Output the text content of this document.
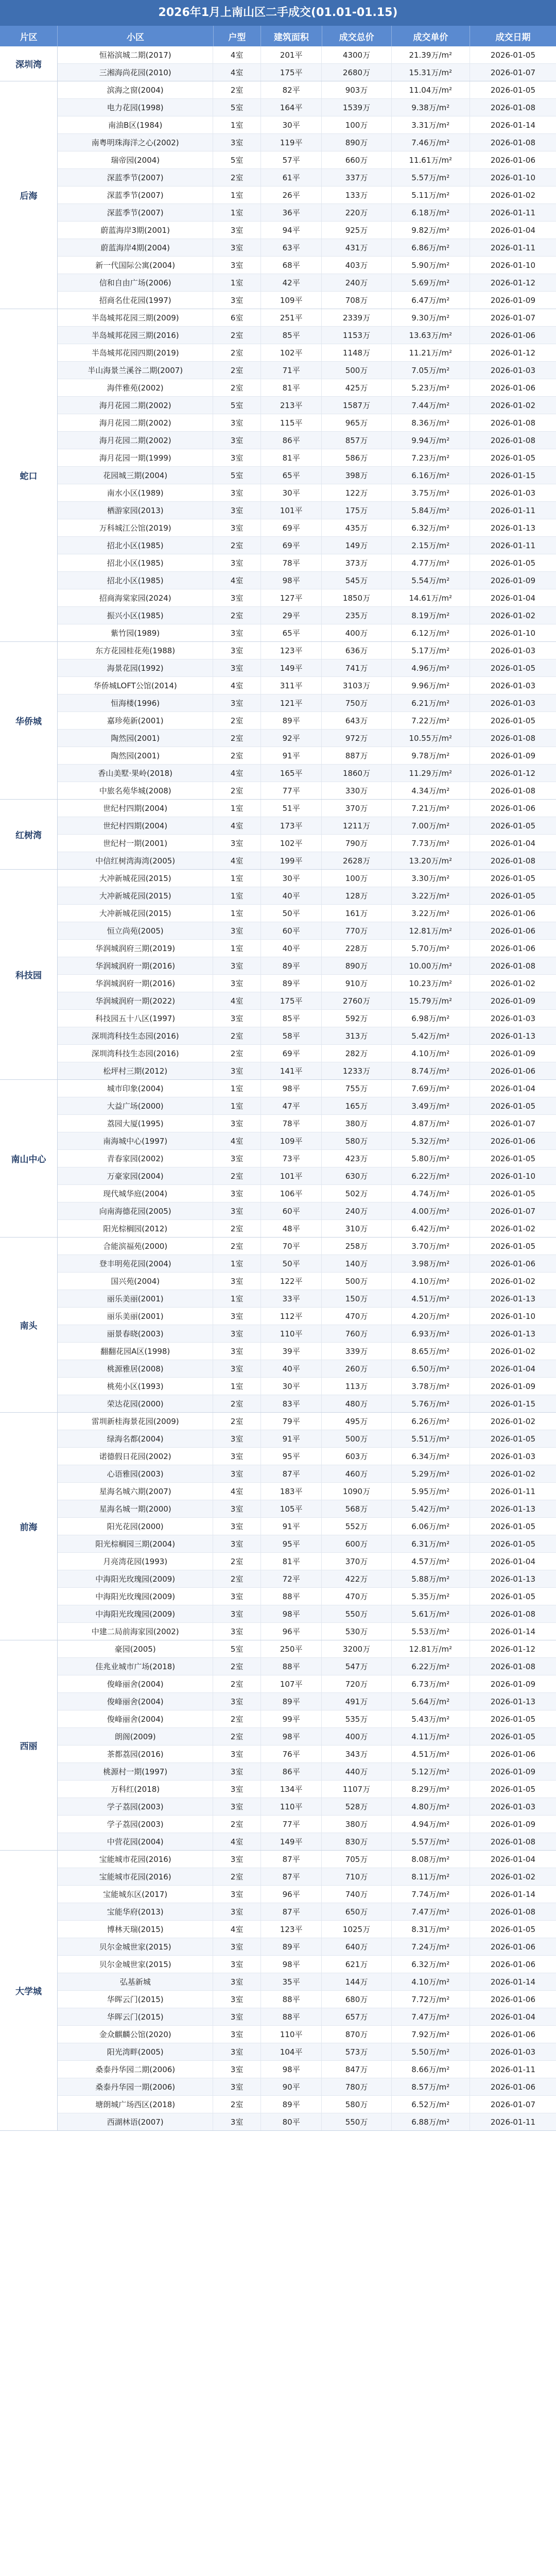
2026年1月上南山区二手成交(01.01-01.15)
片区	小区	户型	建筑面积	成交总价	成交单价	成交日期
深圳湾
恒裕滨城二期(2017)	4室	201平	4300万	21.39万/m²	2026-01-05
三湘海尚花园(2010)	4室	175平	2680万	15.31万/m²	2026-01-07
后海
滨海之窗(2004)	2室	82平	903万	11.04万/m²	2026-01-05
电力花园(1998)	5室	164平	1539万	9.38万/m²	2026-01-08
南油B区(1984)	1室	30平	100万	3.31万/m²	2026-01-14
南粤明珠海洋之心(2002)	3室	119平	890万	7.46万/m²	2026-01-08
瑞帝园(2004)	5室	57平	660万	11.61万/m²	2026-01-06
深蓝季节(2007)	2室	61平	337万	5.57万/m²	2026-01-10
深蓝季节(2007)	1室	26平	133万	5.11万/m²	2026-01-02
深蓝季节(2007)	1室	36平	220万	6.18万/m²	2026-01-11
蔚蓝海岸3期(2001)	3室	94平	925万	9.82万/m²	2026-01-04
蔚蓝海岸4期(2004)	3室	63平	431万	6.86万/m²	2026-01-11
新一代国际公寓(2004)	3室	68平	403万	5.90万/m²	2026-01-10
信和自由广场(2006)	1室	42平	240万	5.69万/m²	2026-01-12
招商名仕花园(1997)	3室	109平	708万	6.47万/m²	2026-01-09
蛇口
半岛城邦花园三期(2009)	6室	251平	2339万	9.30万/m²	2026-01-07
半岛城邦花园三期(2016)	2室	85平	1153万	13.63万/m²	2026-01-06
半岛城邦花园四期(2019)	2室	102平	1148万	11.21万/m²	2026-01-12
半山海景兰溪谷二期(2007)	2室	71平	500万	7.05万/m²	2026-01-03
海伴雅苑(2002)	2室	81平	425万	5.23万/m²	2026-01-06
海月花园二期(2002)	5室	213平	1587万	7.44万/m²	2026-01-02
海月花园二期(2002)	3室	115平	965万	8.36万/m²	2026-01-08
海月花园二期(2002)	3室	86平	857万	9.94万/m²	2026-01-08
海月花园一期(1999)	3室	81平	586万	7.23万/m²	2026-01-05
花园城三期(2004)	5室	65平	398万	6.16万/m²	2026-01-15
南水小区(1989)	3室	30平	122万	3.75万/m²	2026-01-03
栖游家园(2013)	3室	101平	175万	5.84万/m²	2026-01-11
万科城江公馆(2019)	3室	69平	435万	6.32万/m²	2026-01-13
招北小区(1985)	2室	69平	149万	2.15万/m²	2026-01-11
招北小区(1985)	3室	78平	373万	4.77万/m²	2026-01-05
招北小区(1985)	4室	98平	545万	5.54万/m²	2026-01-09
招商海棠家园(2024)	3室	127平	1850万	14.61万/m²	2026-01-04
振兴小区(1985)	2室	29平	235万	8.19万/m²	2026-01-02
紫竹园(1989)	3室	65平	400万	6.12万/m²	2026-01-10
华侨城
东方花园桂花苑(1988)	3室	123平	636万	5.17万/m²	2026-01-03
海景花园(1992)	3室	149平	741万	4.96万/m²	2026-01-05
华侨城LOFT公馆(2014)	4室	311平	3103万	9.96万/m²	2026-01-03
恒海楼(1996)	3室	121平	750万	6.21万/m²	2026-01-03
嘉珍苑新(2001)	2室	89平	643万	7.22万/m²	2026-01-05
陶然园(2001)	2室	92平	972万	10.55万/m²	2026-01-08
陶然园(2001)	2室	91平	887万	9.78万/m²	2026-01-09
香山美墅·果岭(2018)	4室	165平	1860万	11.29万/m²	2026-01-12
中旅名苑华城(2008)	2室	77平	330万	4.34万/m²	2026-01-08
红树湾
世纪村四期(2004)	1室	51平	370万	7.21万/m²	2026-01-06
世纪村四期(2004)	4室	173平	1211万	7.00万/m²	2026-01-05
世纪村一期(2001)	3室	102平	790万	7.73万/m²	2026-01-04
中信红树湾海湾(2005)	4室	199平	2628万	13.20万/m²	2026-01-08
科技园
大冲新城花园(2015)	1室	30平	100万	3.30万/m²	2026-01-05
大冲新城花园(2015)	1室	40平	128万	3.22万/m²	2026-01-05
大冲新城花园(2015)	1室	50平	161万	3.22万/m²	2026-01-06
恒立尚苑(2005)	3室	60平	770万	12.81万/m²	2026-01-06
华润城润府三期(2019)	1室	40平	228万	5.70万/m²	2026-01-06
华润城润府一期(2016)	3室	89平	890万	10.00万/m²	2026-01-08
华润城润府一期(2016)	3室	89平	910万	10.23万/m²	2026-01-02
华润城润府一期(2022)	4室	175平	2760万	15.79万/m²	2026-01-09
科技园五十八区(1997)	3室	85平	592万	6.98万/m²	2026-01-03
深圳湾科技生态园(2016)	2室	58平	313万	5.42万/m²	2026-01-13
深圳湾科技生态园(2016)	2室	69平	282万	4.10万/m²	2026-01-09
松坪村三期(2012)	3室	141平	1233万	8.74万/m²	2026-01-06
南山中心
城市印象(2004)	1室	98平	755万	7.69万/m²	2026-01-04
大益广场(2000)	1室	47平	165万	3.49万/m²	2026-01-05
荔园大厦(1995)	3室	78平	380万	4.87万/m²	2026-01-07
南海城中心(1997)	4室	109平	580万	5.32万/m²	2026-01-06
青春家园(2002)	3室	73平	423万	5.80万/m²	2026-01-05
万豪家园(2004)	2室	101平	630万	6.22万/m²	2026-01-10
现代城华庭(2004)	3室	106平	502万	4.74万/m²	2026-01-05
向南海德花园(2005)	3室	60平	240万	4.00万/m²	2026-01-07
阳光棕榈园(2012)	2室	48平	310万	6.42万/m²	2026-01-02
南头
合能滨福苑(2000)	2室	70平	258万	3.70万/m²	2026-01-05
登丰明苑花园(2004)	1室	50平	140万	3.98万/m²	2026-01-06
国兴苑(2004)	3室	122平	500万	4.10万/m²	2026-01-02
丽乐美丽(2001)	1室	33平	150万	4.51万/m²	2026-01-13
丽乐美丽(2001)	3室	112平	470万	4.20万/m²	2026-01-10
丽景春晓(2003)	3室	110平	760万	6.93万/m²	2026-01-13
翻翻花园A区(1998)	3室	39平	339万	8.65万/m²	2026-01-02
桃源雅居(2008)	3室	40平	260万	6.50万/m²	2026-01-04
桃苑小区(1993)	1室	30平	113万	3.78万/m²	2026-01-09
荣达花园(2000)	2室	83平	480万	5.76万/m²	2026-01-15
前海
雷圳新桂海景花园(2009)	2室	79平	495万	6.26万/m²	2026-01-02
绿海名都(2004)	3室	91平	500万	5.51万/m²	2026-01-05
诺德假日花园(2002)	3室	95平	603万	6.34万/m²	2026-01-03
心语雅园(2003)	3室	87平	460万	5.29万/m²	2026-01-02
星海名城六期(2007)	4室	183平	1090万	5.95万/m²	2026-01-11
星海名城一期(2000)	3室	105平	568万	5.42万/m²	2026-01-13
阳光花园(2000)	3室	91平	552万	6.06万/m²	2026-01-05
阳光棕榈园三期(2004)	3室	95平	600万	6.31万/m²	2026-01-05
月亮湾花园(1993)	2室	81平	370万	4.57万/m²	2026-01-04
中海阳光玫瑰园(2009)	2室	72平	422万	5.88万/m²	2026-01-13
中海阳光玫瑰园(2009)	3室	88平	470万	5.35万/m²	2026-01-05
中海阳光玫瑰园(2009)	3室	98平	550万	5.61万/m²	2026-01-08
中建二局前海家园(2002)	3室	96平	530万	5.53万/m²	2026-01-14
西丽
豪园(2005)	5室	250平	3200万	12.81万/m²	2026-01-12
佳兆业城市广场(2018)	2室	88平	547万	6.22万/m²	2026-01-08
俊峰丽舍(2004)	2室	107平	720万	6.73万/m²	2026-01-09
俊峰丽舍(2004)	3室	89平	491万	5.64万/m²	2026-01-13
俊峰丽舍(2004)	2室	99平	535万	5.43万/m²	2026-01-05
朗阁(2009)	2室	98平	400万	4.11万/m²	2026-01-05
茶都荔园(2016)	3室	76平	343万	4.51万/m²	2026-01-06
桃源村一期(1997)	3室	86平	440万	5.12万/m²	2026-01-09
万科红(2018)	3室	134平	1107万	8.29万/m²	2026-01-05
学子荔园(2003)	3室	110平	528万	4.80万/m²	2026-01-03
学子荔园(2003)	2室	77平	380万	4.94万/m²	2026-01-09
中营花园(2004)	4室	149平	830万	5.57万/m²	2026-01-08
大学城
宝能城市花园(2016)	3室	87平	705万	8.08万/m²	2026-01-04
宝能城市花园(2016)	2室	87平	710万	8.11万/m²	2026-01-02
宝能城东区(2017)	3室	96平	740万	7.74万/m²	2026-01-14
宝能华府(2013)	3室	87平	650万	7.47万/m²	2026-01-08
博林天瑞(2015)	4室	123平	1025万	8.31万/m²	2026-01-05
贝尔金城世家(2015)	3室	89平	640万	7.24万/m²	2026-01-06
贝尔金城世家(2015)	3室	98平	621万	6.32万/m²	2026-01-06
弘基新城	3室	35平	144万	4.10万/m²	2026-01-14
华晖云门(2015)	3室	88平	680万	7.72万/m²	2026-01-06
华晖云门(2015)	3室	88平	657万	7.47万/m²	2026-01-04
金众麒麟公馆(2020)	3室	110平	870万	7.92万/m²	2026-01-06
阳光湾畔(2005)	3室	104平	573万	5.50万/m²	2026-01-03
桑泰丹华园二期(2006)	3室	98平	847万	8.66万/m²	2026-01-11
桑泰丹华园一期(2006)	3室	90平	780万	8.57万/m²	2026-01-06
塘朗城广场西区(2018)	2室	89平	580万	6.52万/m²	2026-01-07
西湖林语(2007)	3室	80平	550万	6.88万/m²	2026-01-11
